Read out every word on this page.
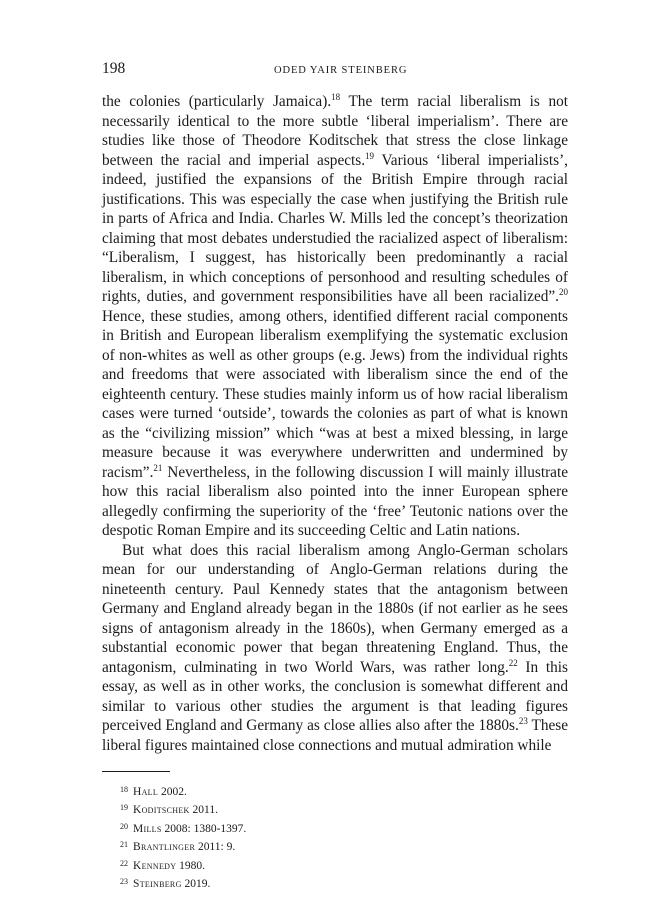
198	ODED YAIR STEINBERG

the colonies (particularly Jamaica).$^{18}$ The term racial liberalism is not necessarily identical to the more subtle ‘liberal imperialism’. There are studies like those of Theodore Koditschek that stress the close linkage between the racial and imperial aspects.$^{19}$ Various ‘liberal imperialists’, indeed, justified the expansions of the British Empire through racial justifications. This was especially the case when justifying the British rule in parts of Africa and India. Charles W. Mills led the concept’s theorization claiming that most debates understudied the racialized aspect of liberalism: “Liberalism, I suggest, has historically been predominantly a racial liberalism, in which conceptions of personhood and resulting schedules of rights, duties, and government responsibilities have all been racialized”.$^{20}$ Hence, these studies, among others, identified different racial components in British and European liberalism exemplifying the systematic exclusion of non-whites as well as other groups (e.g. Jews) from the individual rights and freedoms that were associated with liberalism since the end of the eighteenth century. These studies mainly inform us of how racial liberalism cases were turned ‘outside’, towards the colonies as part of what is known as the “civilizing mission” which “was at best a mixed blessing, in large measure because it was everywhere underwritten and undermined by racism”.$^{21}$ Nevertheless, in the following discussion I will mainly illustrate how this racial liberalism also pointed into the inner European sphere allegedly confirming the superiority of the ‘free’ Teutonic nations over the despotic Roman Empire and its succeeding Celtic and Latin nations.

But what does this racial liberalism among Anglo-German scholars mean for our understanding of Anglo-German relations during the nineteenth century. Paul Kennedy states that the antagonism between Germany and England already began in the 1880s (if not earlier as he sees signs of antagonism already in the 1860s), when Germany emerged as a substantial economic power that began threatening England. Thus, the antagonism, culminating in two World Wars, was rather long.$^{22}$ In this essay, as well as in other works, the conclusion is somewhat different and similar to various other studies the argument is that leading figures perceived England and Germany as close allies also after the 1880s.$^{23}$ These liberal figures maintained close connections and mutual admiration while

$^{18}$ Hall 2002.
$^{19}$ Koditschek 2011.
$^{20}$ Mills 2008: 1380-1397.
$^{21}$ Brantlinger 2011: 9.
$^{22}$ Kennedy 1980.
$^{23}$ Steinberg 2019.
